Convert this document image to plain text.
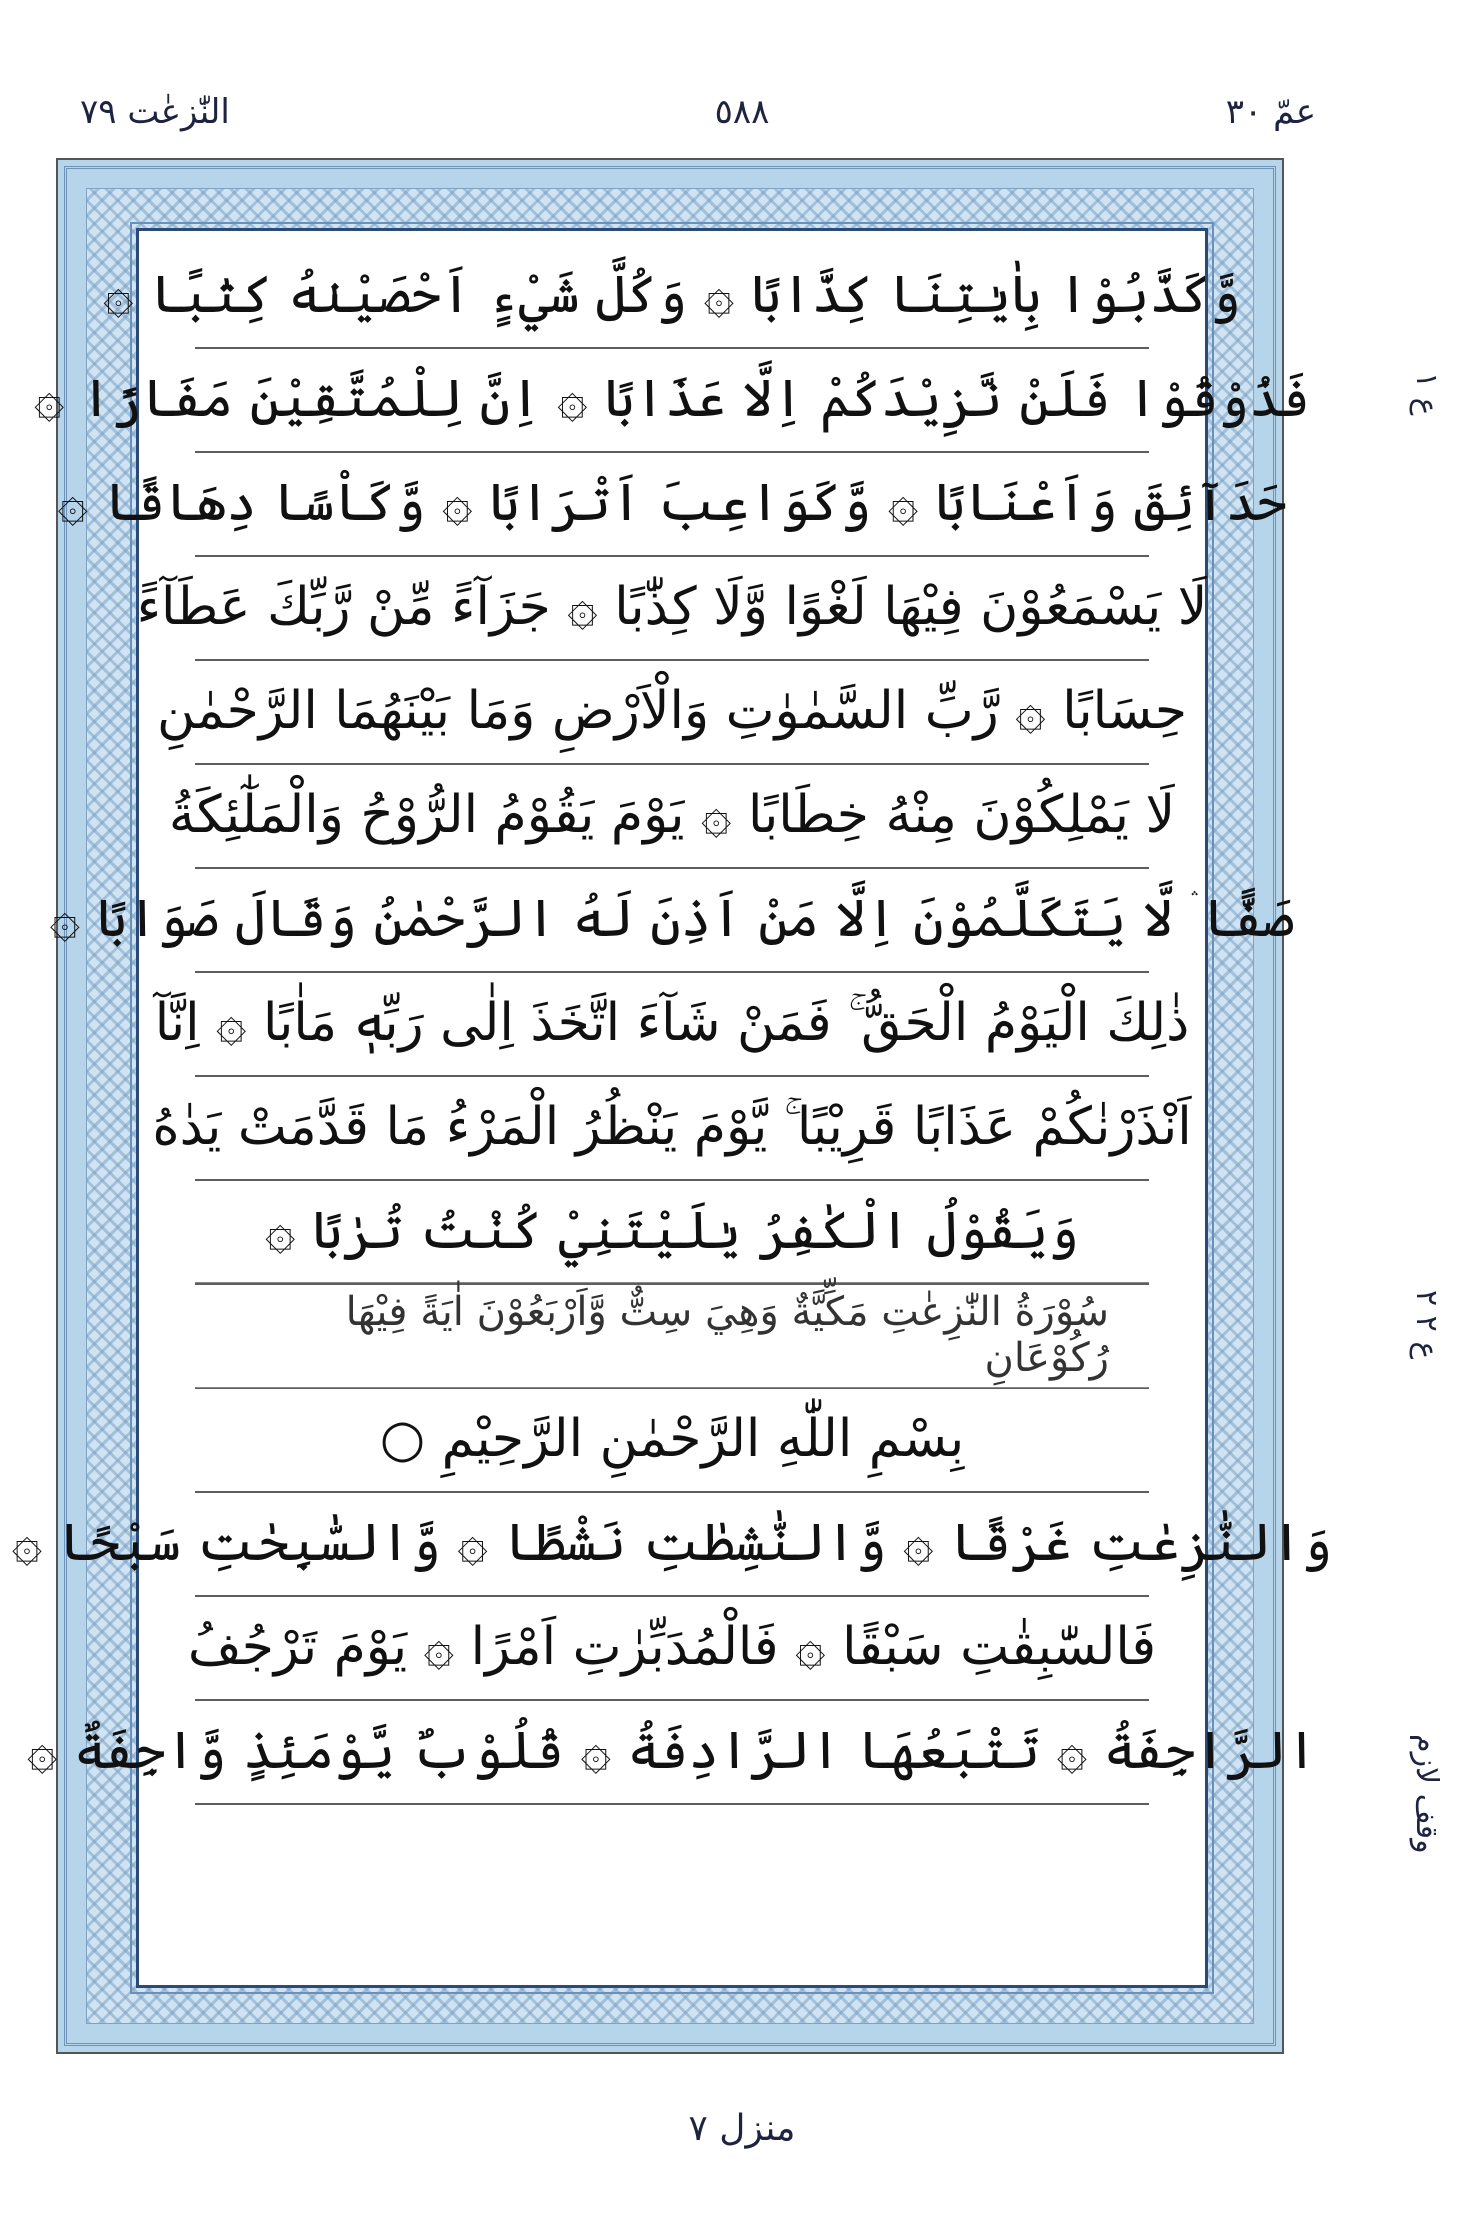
النّٰزعٰت ٧٩	٥٨٨	عمّ ٣٠
وَّكَذَّبُوْا بِاٰيٰتِنَا كِذَّابًا ۞ وَكُلَّ شَيْءٍ اَحْصَيْنٰهُ كِتٰبًا ۞
فَذُوْقُوْا فَلَنْ نَّزِيْدَكُمْ اِلَّا عَذَابًا ۞ اِنَّ لِلْمُتَّقِيْنَ مَفَازًا ۞
حَدَآئِقَ وَاَعْنَابًا ۞ وَّكَوَاعِبَ اَتْرَابًا ۞ وَّكَاْسًا دِهَاقًا ۞
لَا يَسْمَعُوْنَ فِيْهَا لَغْوًا وَّلَا كِذّٰبًا ۞ جَزَآءً مِّنْ رَّبِّكَ عَطَآءً
حِسَابًا ۞ رَّبِّ السَّمٰوٰتِ وَالْاَرْضِ وَمَا بَيْنَهُمَا الرَّحْمٰنِ
لَا يَمْلِكُوْنَ مِنْهُ خِطَابًا ۞ يَوْمَ يَقُوْمُ الرُّوْحُ وَالْمَلٰٓئِكَةُ
صَفًّا ۛ لَّا يَتَكَلَّمُوْنَ اِلَّا مَنْ اَذِنَ لَهُ الرَّحْمٰنُ وَقَالَ صَوَابًا ۞
ذٰلِكَ الْيَوْمُ الْحَقُّ ۚ فَمَنْ شَآءَ اتَّخَذَ اِلٰى رَبِّهٖ مَاٰبًا ۞ اِنَّآ
اَنْذَرْنٰكُمْ عَذَابًا قَرِيْبًا ۚ يَّوْمَ يَنْظُرُ الْمَرْءُ مَا قَدَّمَتْ يَدٰهُ
وَيَقُوْلُ الْكٰفِرُ يٰلَيْتَنِيْ كُنْتُ تُرٰبًا ۞
سُوْرَةُ النّٰزِعٰتِ مَكِّيَّةٌ وَهِيَ سِتٌّ وَّاَرْبَعُوْنَ اٰيَةً فِيْهَا رُكُوْعَانِ
بِسْمِ اللّٰهِ الرَّحْمٰنِ الرَّحِيْمِ ○
وَالنّٰزِعٰتِ غَرْقًا ۞ وَّالنّٰشِطٰتِ نَشْطًا ۞ وَّالسّٰبِحٰتِ سَبْحًا ۞
فَالسّٰبِقٰتِ سَبْقًا ۞ فَالْمُدَبِّرٰتِ اَمْرًا ۞ يَوْمَ تَرْجُفُ
الرَّاجِفَةُ ۞ تَتْبَعُهَا الرَّادِفَةُ ۞ قُلُوْبٌ يَّوْمَئِذٍ وَّاجِفَةٌ ۞
ع ١
ع ٢ ٢
وقف لازم
منزل ٧
